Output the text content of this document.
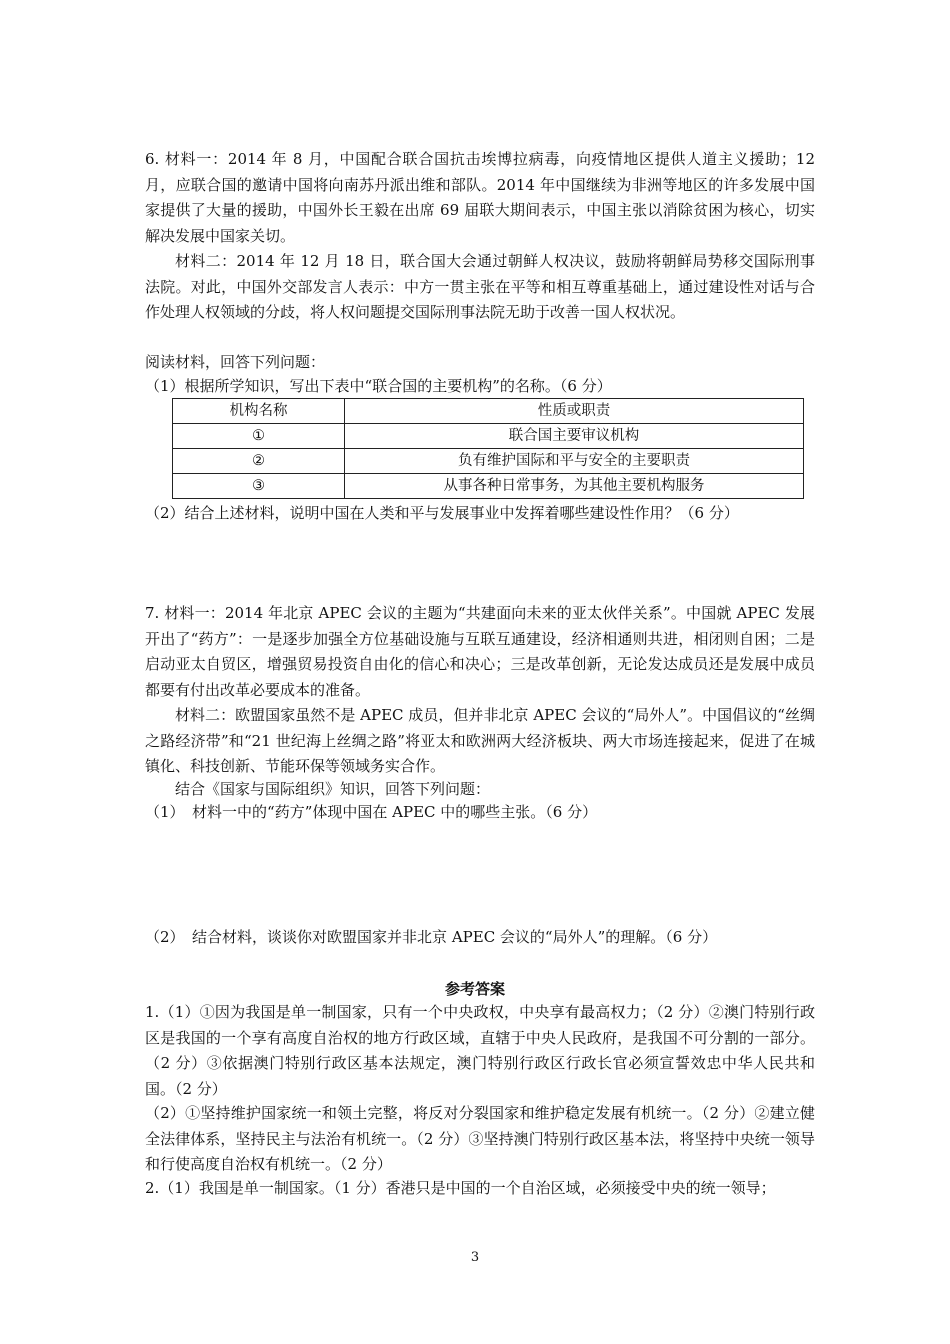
6. 材料一：2014 年 8 月，中国配合联合国抗击埃博拉病毒，向疫情地区提供人道主义援助；12 月，应联合国的邀请中国将向南苏丹派出维和部队。2014 年中国继续为非洲等地区的许多发展中国家提供了大量的援助，中国外长王毅在出席 69 届联大期间表示，中国主张以消除贫困为核心，切实解决发展中国家关切。

材料二：2014 年 12 月 18 日，联合国大会通过朝鲜人权决议，鼓励将朝鲜局势移交国际刑事法院。对此，中国外交部发言人表示：中方一贯主张在平等和相互尊重基础上，通过建设性对话与合作处理人权领域的分歧，将人权问题提交国际刑事法院无助于改善一国人权状况。

阅读材料，回答下列问题：

（1）根据所学知识，写出下表中“联合国的主要机构”的名称。（6 分）

机构名称	性质或职责
①	联合国主要审议机构
②	负有维护国际和平与安全的主要职责
③	从事各种日常事务，为其他主要机构服务

（2）结合上述材料，说明中国在人类和平与发展事业中发挥着哪些建设性作用？（6 分）

7. 材料一：2014 年北京 APEC 会议的主题为“共建面向未来的亚太伙伴关系”。中国就 APEC 发展开出了“药方”：一是逐步加强全方位基础设施与互联互通建设，经济相通则共进，相闭则自困；二是启动亚太自贸区，增强贸易投资自由化的信心和决心；三是改革创新，无论发达成员还是发展中成员都要有付出改革必要成本的准备。

材料二：欧盟国家虽然不是 APEC 成员，但并非北京 APEC 会议的“局外人”。中国倡议的“丝绸之路经济带”和“21 世纪海上丝绸之路”将亚太和欧洲两大经济板块、两大市场连接起来，促进了在城镇化、科技创新、节能环保等领域务实合作。

结合《国家与国际组织》知识，回答下列问题：

（1）　材料一中的“药方”体现中国在 APEC 中的哪些主张。（6 分）

（2）　结合材料，谈谈你对欧盟国家并非北京 APEC 会议的“局外人”的理解。（6 分）

参考答案

1.（1）①因为我国是单一制国家，只有一个中央政权，中央享有最高权力；（2 分）②澳门特别行政区是我国的一个享有高度自治权的地方行政区域，直辖于中央人民政府，是我国不可分割的一部分。（2 分）③依据澳门特别行政区基本法规定，澳门特别行政区行政长官必须宣誓效忠中华人民共和国。（2 分）

（2）①坚持维护国家统一和领土完整，将反对分裂国家和维护稳定发展有机统一。（2 分）②建立健全法律体系，坚持民主与法治有机统一。（2 分）③坚持澳门特别行政区基本法，将坚持中央统一领导和行使高度自治权有机统一。（2 分）

2.（1）我国是单一制国家。（1 分）香港只是中国的一个自治区域，必须接受中央的统一领导；

3
